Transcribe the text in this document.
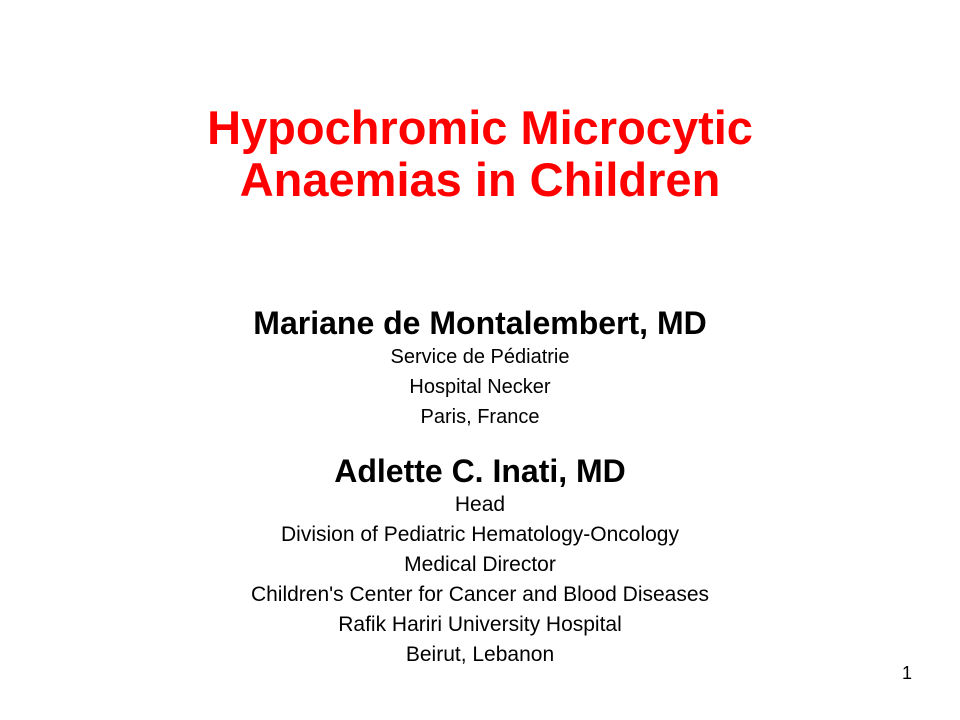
Hypochromic Microcytic
Anaemias in Children
Mariane de Montalembert, MD
Service de Pédiatrie
Hospital Necker
Paris, France
Adlette C. Inati, MD
Head
Division of Pediatric Hematology-Oncology
Medical Director
Children's Center for Cancer and Blood Diseases
Rafik Hariri University Hospital
Beirut, Lebanon
1
